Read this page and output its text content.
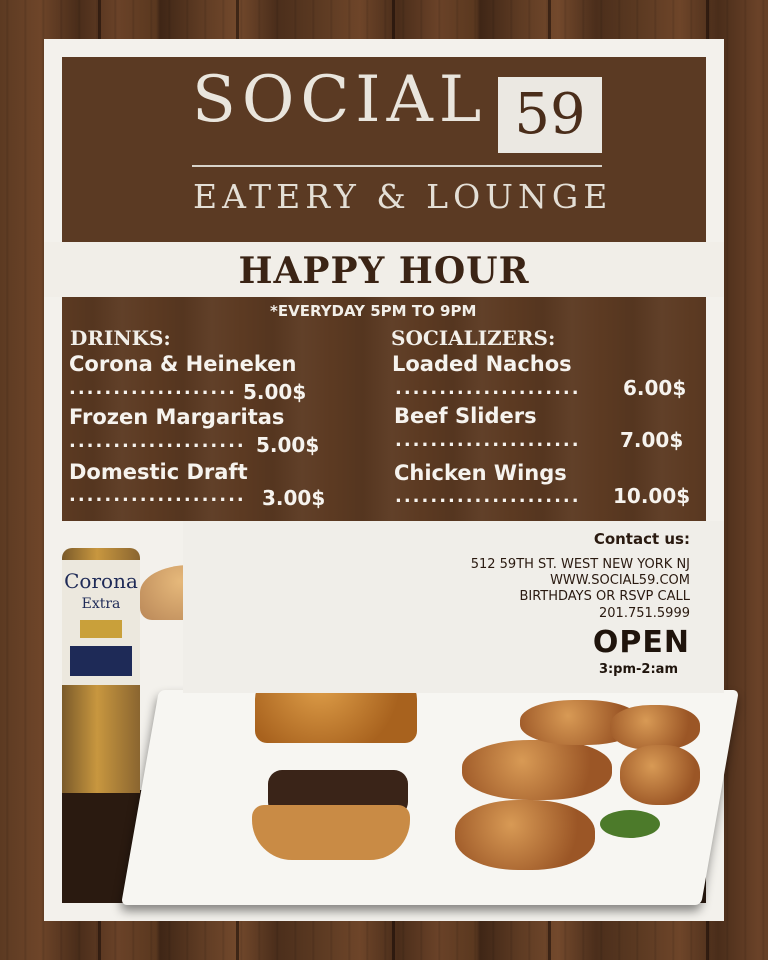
SOCIAL 59
EATERY & LOUNGE
HAPPY HOUR
*EVERYDAY 5PM TO 9PM
DRINKS:
Corona & Heineken
................... 5.00$
Frozen Margaritas
.................... 5.00$
Domestic Draft
.................... 3.00$
SOCIALIZERS:
Loaded Nachos
..................... 6.00$
Beef Sliders
..................... 7.00$
Chicken Wings
..................... 10.00$
Corona
Extra
Contact us:
512 59TH ST. WEST NEW YORK NJ
WWW.SOCIAL59.COM
BIRTHDAYS OR RSVP CALL
201.751.5999
OPEN
3:pm-2:am
